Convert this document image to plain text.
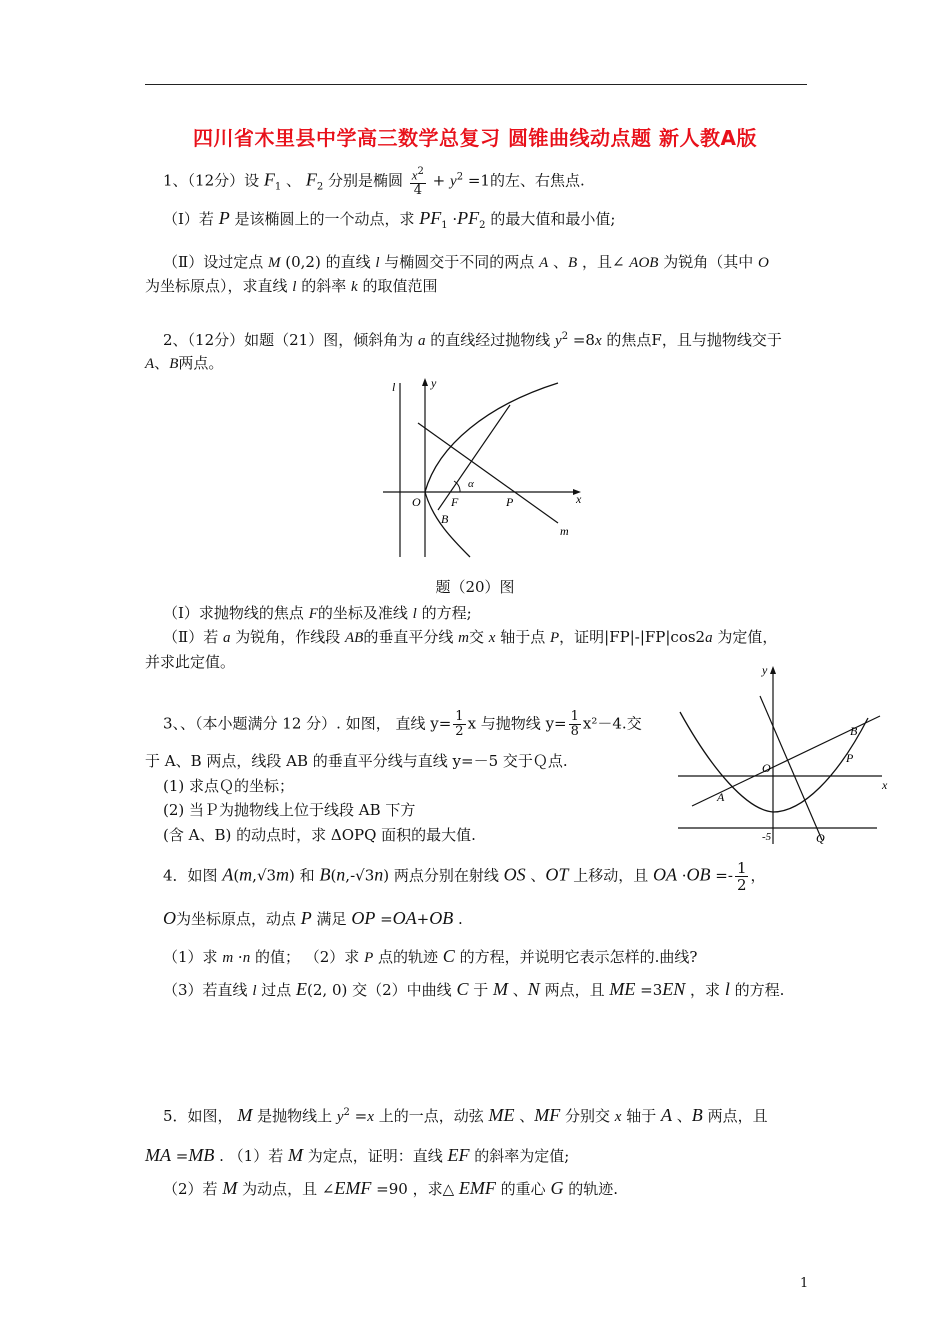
四川省木里县中学高三数学总复习 圆锥曲线动点题 新人教A版
1、（12分）设 $F_1$ 、 $F_2$ 分别是椭圆 $\frac{x^2}{4} + y^2 =1$的左、右焦点.
（Ⅰ）若 P 是该椭圆上的一个动点，求 $PF_1 \cdot PF_2$ 的最大值和最小值;
（Ⅱ）设过定点 M (0,2) 的直线 l 与椭圆交于不同的两点 A 、B ，且∠ AOB 为锐角（其中 O
为坐标原点），求直线 l 的斜率 k 的取值范围
2、（12分）如题（21）图，倾斜角为 a 的直线经过抛物线 $y^2 =8x$ 的焦点F，且与抛物线交于
A、B两点。
l	y
x
O	F
α
P
B
m
题（20）图
（Ⅰ）求抛物线的焦点 F的坐标及准线 l 的方程;
（Ⅱ）若 a 为锐角，作线段 AB的垂直平分线 m交 x 轴于点 P，证明|FP|-|FP|cos2a 为定值，
并求此定值。
3、、（本小题满分 12 分）. 如图， 直线 $y= \frac{1}{2}$ x 与抛物线 $y= \frac{1}{8} x^2-4$.交
于 A、B 两点，线段 AB 的垂直平分线与直线 y=－5 交于Ｑ点.
(1) 求点Ｑ的坐标；
(2) 当Ｐ为抛物线上位于线段 AB 下方
(含 A、B) 的动点时，求 ΔOPQ 面积的最大值.
y
x
O
A
B
P
-5	Q
4．如图 A(m,√3m) 和 B(n,-√3n) 两点分别在射线 OS 、OT 上移动，且 OA $\cdot OB =- \frac{1}{2}$ ，
O为坐标原点，动点 P 满足 OP =OA+OB .
（1）求 m ·n 的值； （2）求 P 点的轨迹 C 的方程，并说明它表示怎样的.曲线?
（3）若直线 l 过点 E(2, 0) 交（2）中曲线 C 于 M 、N 两点，且 ME =3EN ，求 l 的方程.
5．如图， M 是抛物线上 $y^2 =x$ 上的一点，动弦 ME 、MF 分别交 x 轴于 A 、B 两点，且
MA =MB . （1）若 M 为定点，证明：直线 EF 的斜率为定值;
（2）若 M 为动点，且 ∠EMF =90 ，求△ EMF 的重心 G 的轨迹.
1
